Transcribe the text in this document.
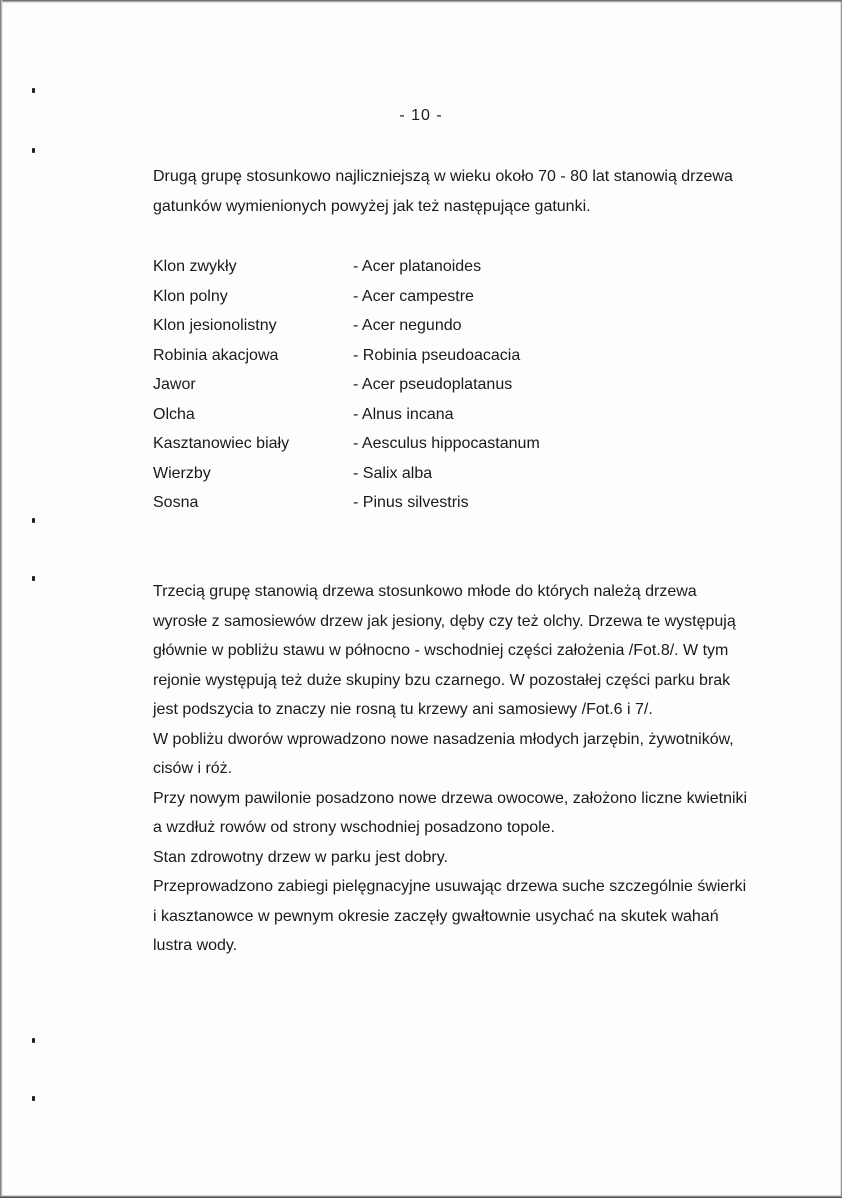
- 10 -
Drugą grupę stosunkowo najliczniejszą w wieku około 70 - 80 lat stanowią drzewa
gatunków wymienionych powyżej jak też następujące gatunki.
Klon zwykły	- Acer platanoides
Klon polny	- Acer campestre
Klon jesionolistny	- Acer negundo
Robinia akacjowa	- Robinia pseudoacacia
Jawor	- Acer pseudoplatanus
Olcha	- Alnus incana
Kasztanowiec biały	- Aesculus hippocastanum
Wierzby	- Salix alba
Sosna	- Pinus silvestris
Trzecią grupę stanowią drzewa stosunkowo młode do których należą drzewa
wyrosłe z samosiewów drzew jak jesiony, dęby czy też olchy. Drzewa te występują
głównie w pobliżu stawu w północno - wschodniej części założenia /Fot.8/. W tym
rejonie występują też duże skupiny bzu czarnego. W pozostałej części parku brak
jest podszycia to znaczy nie rosną tu krzewy ani samosiewy /Fot.6 i 7/.
W pobliżu dworów wprowadzono nowe nasadzenia młodych jarzębin, żywotników,
cisów i róż.
Przy nowym pawilonie posadzono nowe drzewa owocowe, założono liczne kwietniki
a wzdłuż rowów od strony wschodniej posadzono topole.
Stan zdrowotny drzew w parku jest dobry.
Przeprowadzono zabiegi pielęgnacyjne usuwając drzewa suche szczególnie świerki
i kasztanowce w pewnym okresie zaczęły gwałtownie usychać na skutek wahań
lustra wody.
